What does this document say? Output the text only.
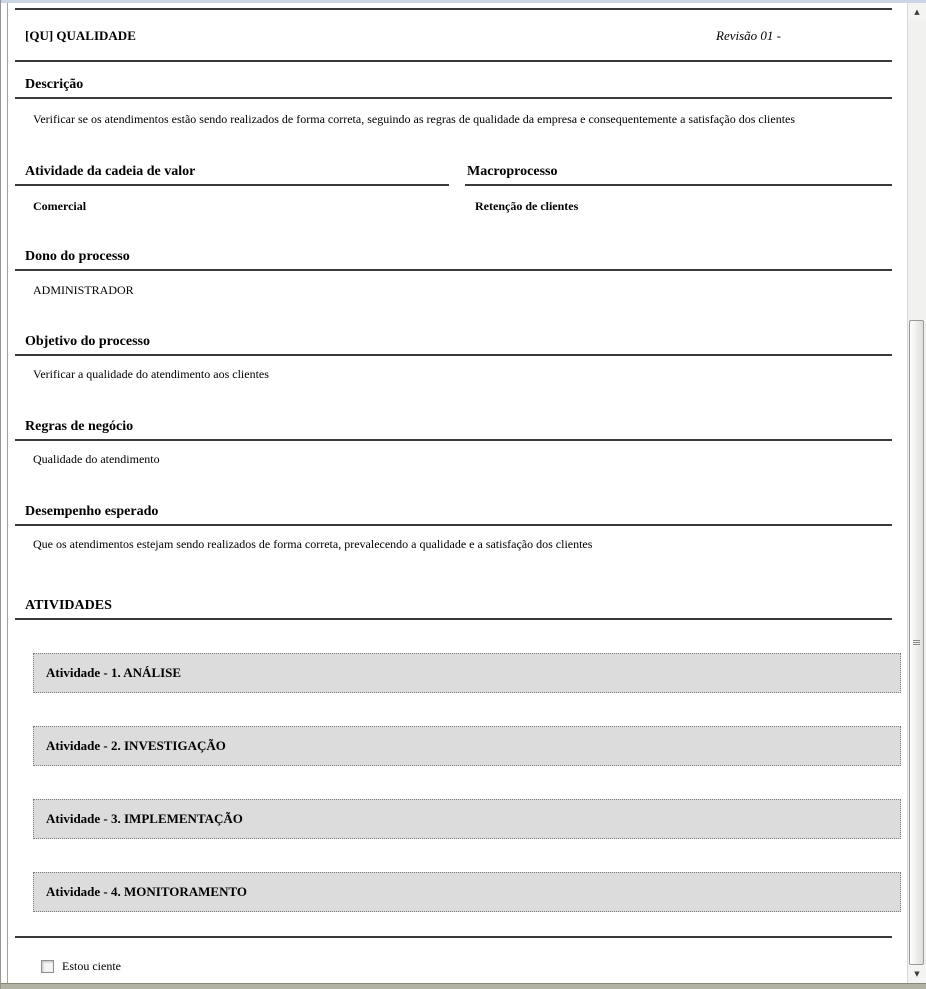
[QU] QUALIDADE	Revisão 01 -
Descrição
Verificar se os atendimentos estão sendo realizados de forma correta, seguindo as regras de qualidade da empresa e consequentemente a satisfação dos clientes
Atividade da cadeia de valor
Comercial
Macroprocesso
Retenção de clientes
Dono do processo
ADMINISTRADOR
Objetivo do processo
Verificar a qualidade do atendimento aos clientes
Regras de negócio
Qualidade do atendimento
Desempenho esperado
Que os atendimentos estejam sendo realizados de forma correta, prevalecendo a qualidade e a satisfação dos clientes
ATIVIDADES
Atividade - 1. ANÁLISE
Atividade - 2. INVESTIGAÇÃO
Atividade - 3. IMPLEMENTAÇÃO
Atividade - 4. MONITORAMENTO
Estou ciente
▲
▼
